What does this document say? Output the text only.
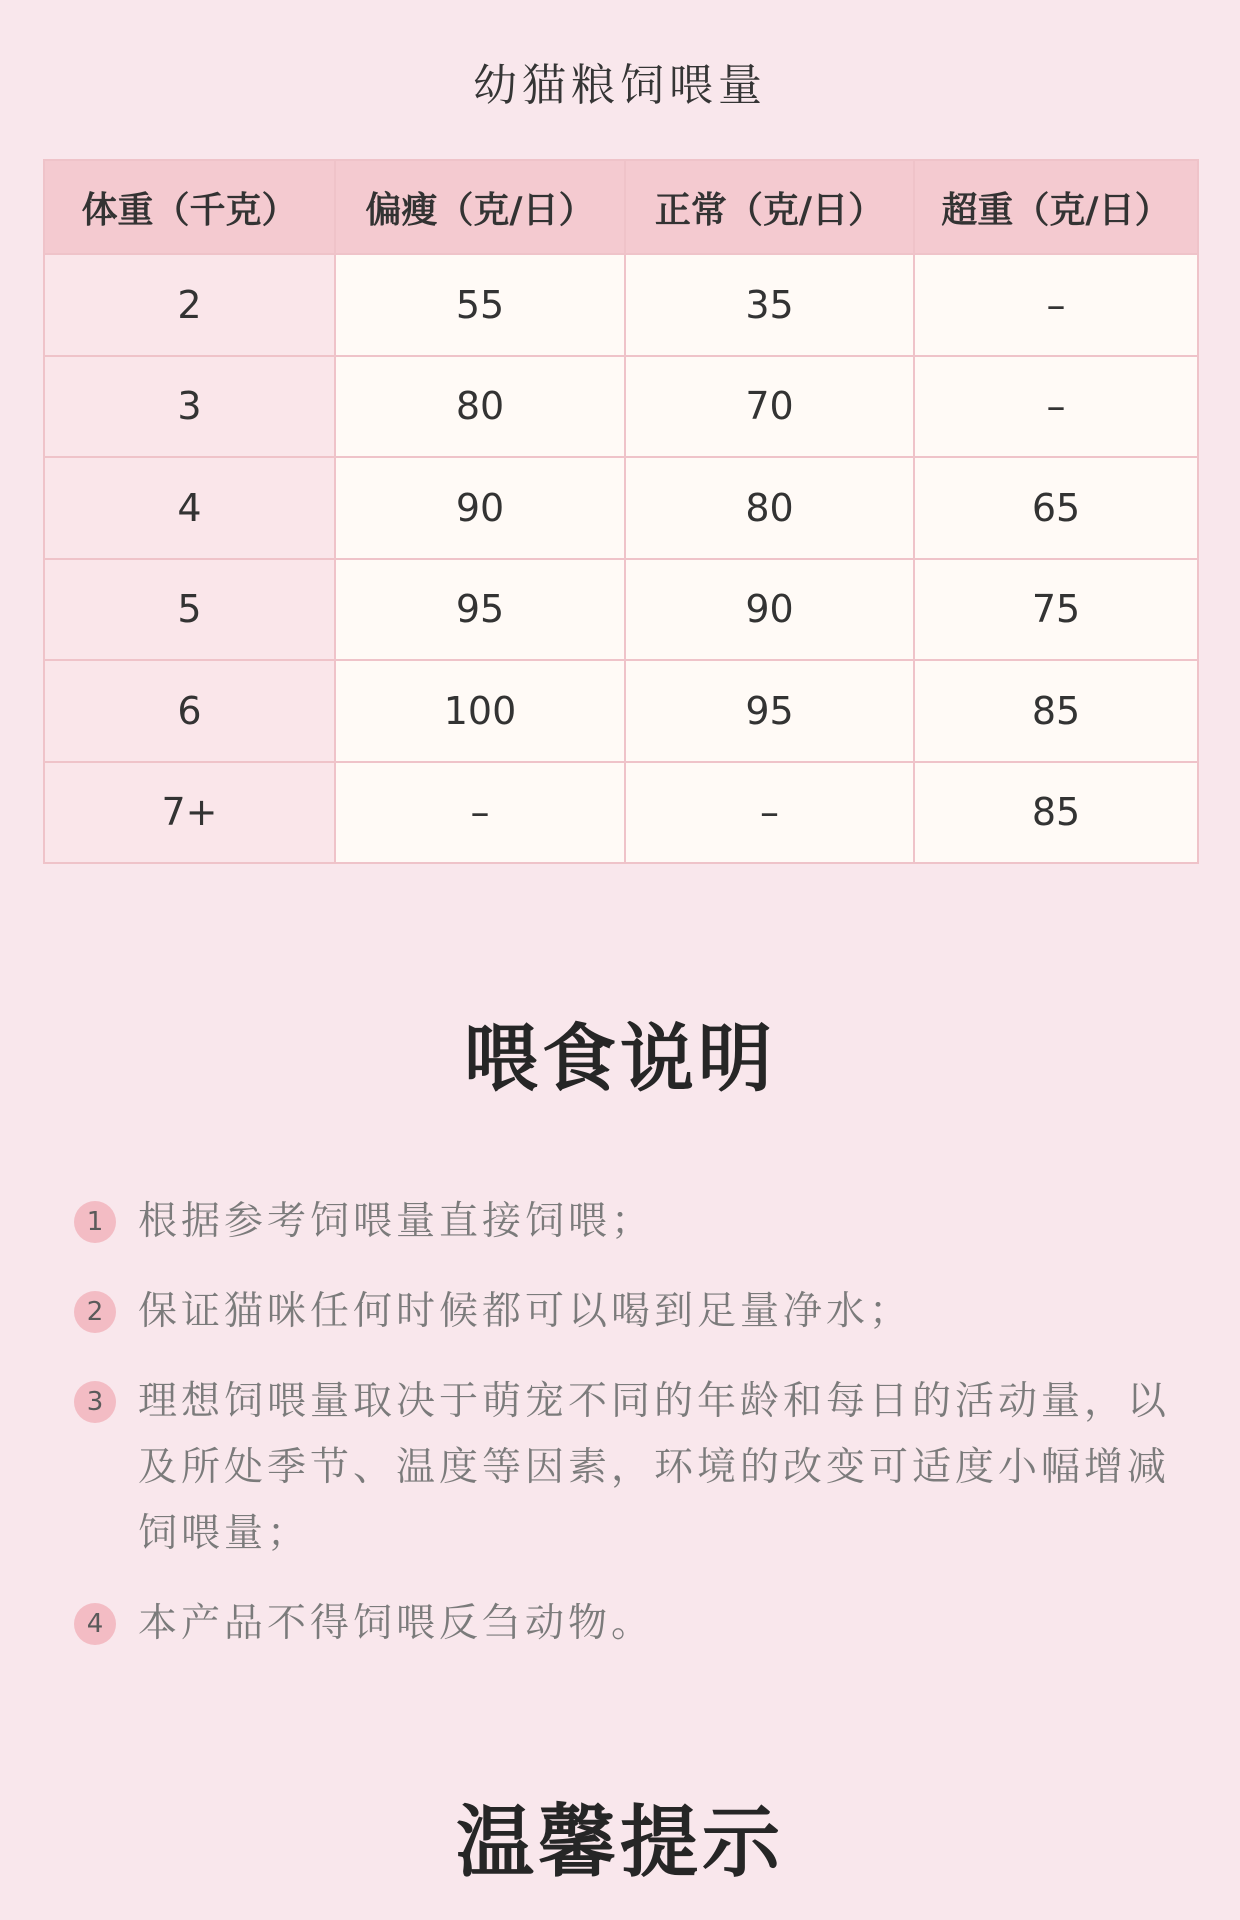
幼猫粮饲喂量
体重（千克）	偏瘦（克/日）	正常（克/日）	超重（克/日）
2	55	35	–
3	80	70	–
4	90	80	65
5	95	90	75
6	100	95	85
7+	–	–	85
喂食说明
1 根据参考饲喂量直接饲喂；
2 保证猫咪任何时候都可以喝到足量净水；
3 理想饲喂量取决于萌宠不同的年龄和每日的活动量，以及所处季节、温度等因素，环境的改变可适度小幅增减饲喂量；
4 本产品不得饲喂反刍动物。
温馨提示
